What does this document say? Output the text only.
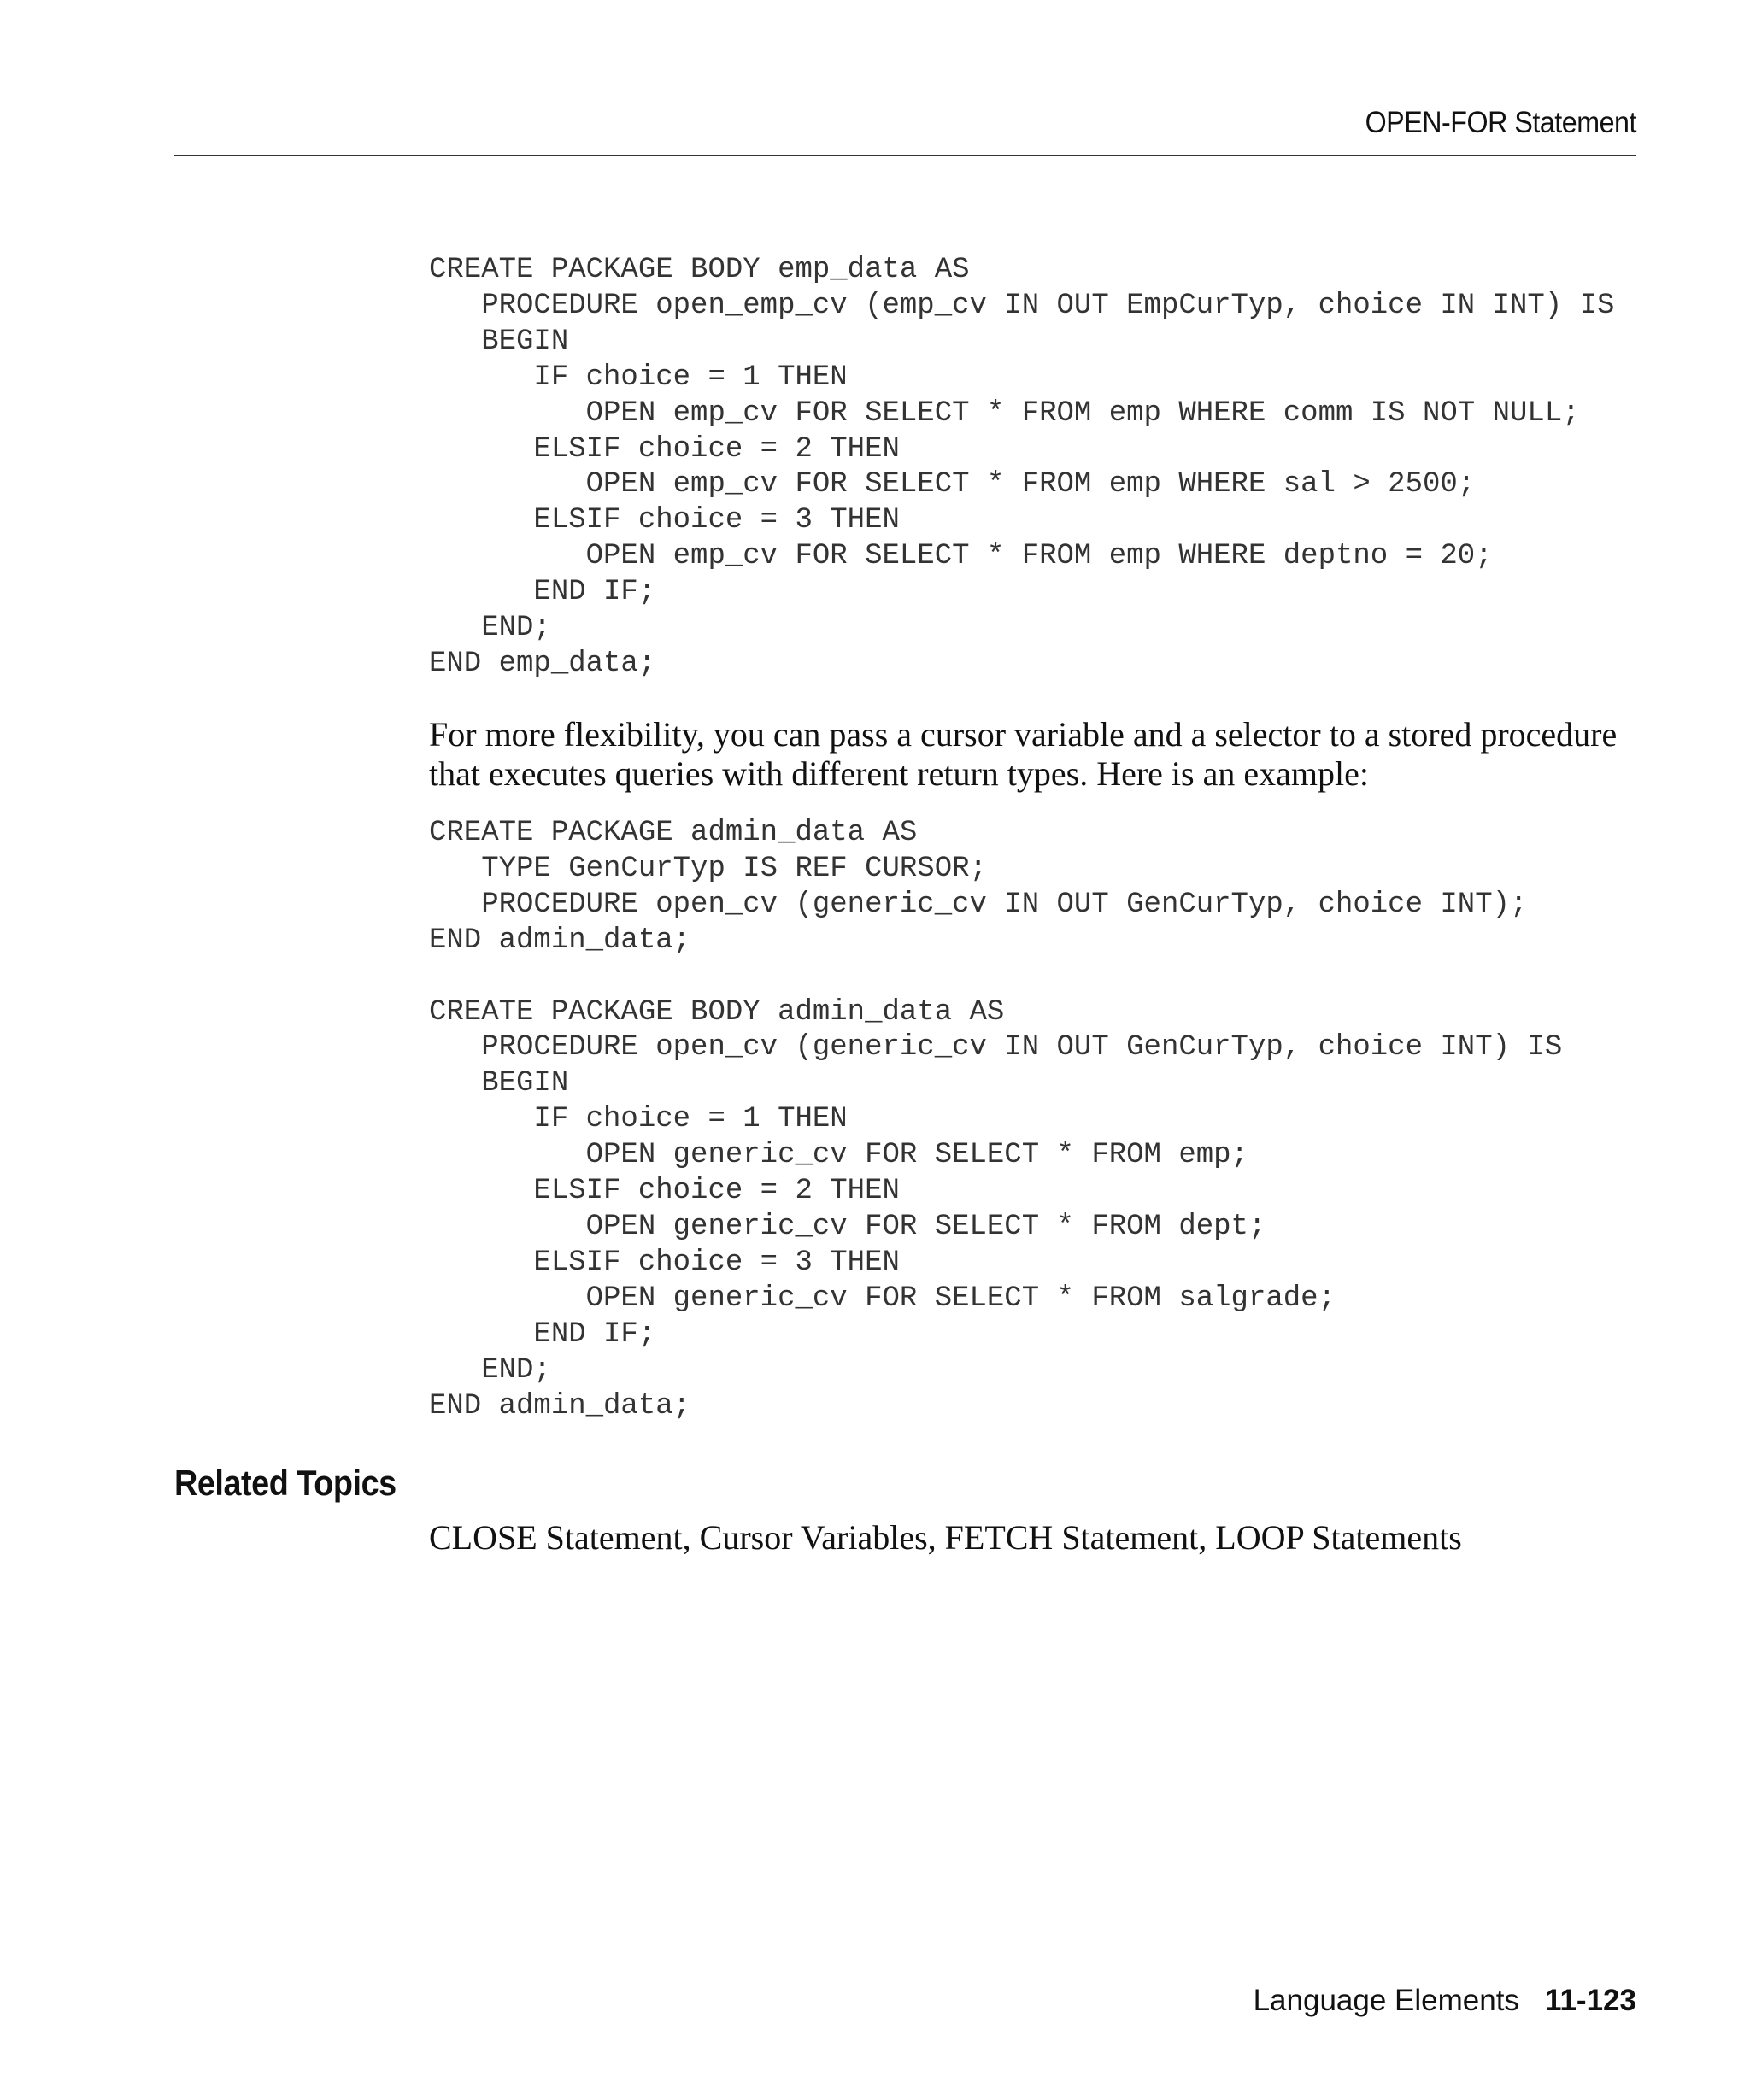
OPEN-FOR Statement
CREATE PACKAGE BODY emp_data AS
PROCEDURE open_emp_cv (emp_cv IN OUT EmpCurTyp, choice IN INT) IS
BEGIN
IF choice = 1 THEN
OPEN emp_cv FOR SELECT * FROM emp WHERE comm IS NOT NULL;
ELSIF choice = 2 THEN
OPEN emp_cv FOR SELECT * FROM emp WHERE sal > 2500;
ELSIF choice = 3 THEN
OPEN emp_cv FOR SELECT * FROM emp WHERE deptno = 20;
END IF;
END;
END emp_data;

For more flexibility, you can pass a cursor variable and a selector to a stored procedure that executes queries with different return types. Here is an example:

CREATE PACKAGE admin_data AS
TYPE GenCurTyp IS REF CURSOR;
PROCEDURE open_cv (generic_cv IN OUT GenCurTyp, choice INT);
END admin_data;

CREATE PACKAGE BODY admin_data AS
PROCEDURE open_cv (generic_cv IN OUT GenCurTyp, choice INT) IS
BEGIN
IF choice = 1 THEN
OPEN generic_cv FOR SELECT * FROM emp;
ELSIF choice = 2 THEN
OPEN generic_cv FOR SELECT * FROM dept;
ELSIF choice = 3 THEN
OPEN generic_cv FOR SELECT * FROM salgrade;
END IF;
END;
END admin_data;
Related Topics

CLOSE Statement, Cursor Variables, FETCH Statement, LOOP Statements

Language Elements 11-123
